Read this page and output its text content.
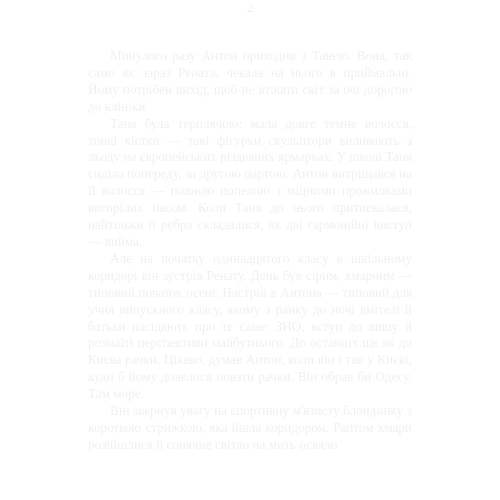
2

Минулого разу Антон приходив з Танею. Вона, так само як зараз Рената, чекала на нього в приймальні. Йому потрібен вихід, щоб не втікати світ за очі дорогою до клініки.

Таня була терплячою: мала довге темне волосся, тонкі кістки — такі фігурки скульптори виливають з льоду на європейських різдвяних ярмарках. У школі Таня сиділа попереду, за другою партою. Антон витріщався на її волосся — повною попелою з міцними прожилками вигорілих пасом. Коли Таня до нього притискалася, найтільки її ребра складалися, як дві гармонійні виступ — вийма.

Але на початку одинадцятого класу в шкільному коридорі він зустрів Ренату. День був сірим, хмарним — типовий початок осені. Настрій в Антона — типовий для учня випускного класу, якому з ранку до ночі вмітелі й батьки насідають про те саме: ЗНО, вступ до вишу й розмаїті перспективи майбутнього. До останніх ще як до Києва рачки. Цікаво, думав Антон, коли він і так у Києві, куди б йому довелося повзти рачки. Він обрав би Одесу. Там море.

Він звернув увагу на спортивну м'язисту блондинку з короткою стрижкою, яка йшла коридором. Раптом хмари розійшлися й сонячне світло на мить осяяло
